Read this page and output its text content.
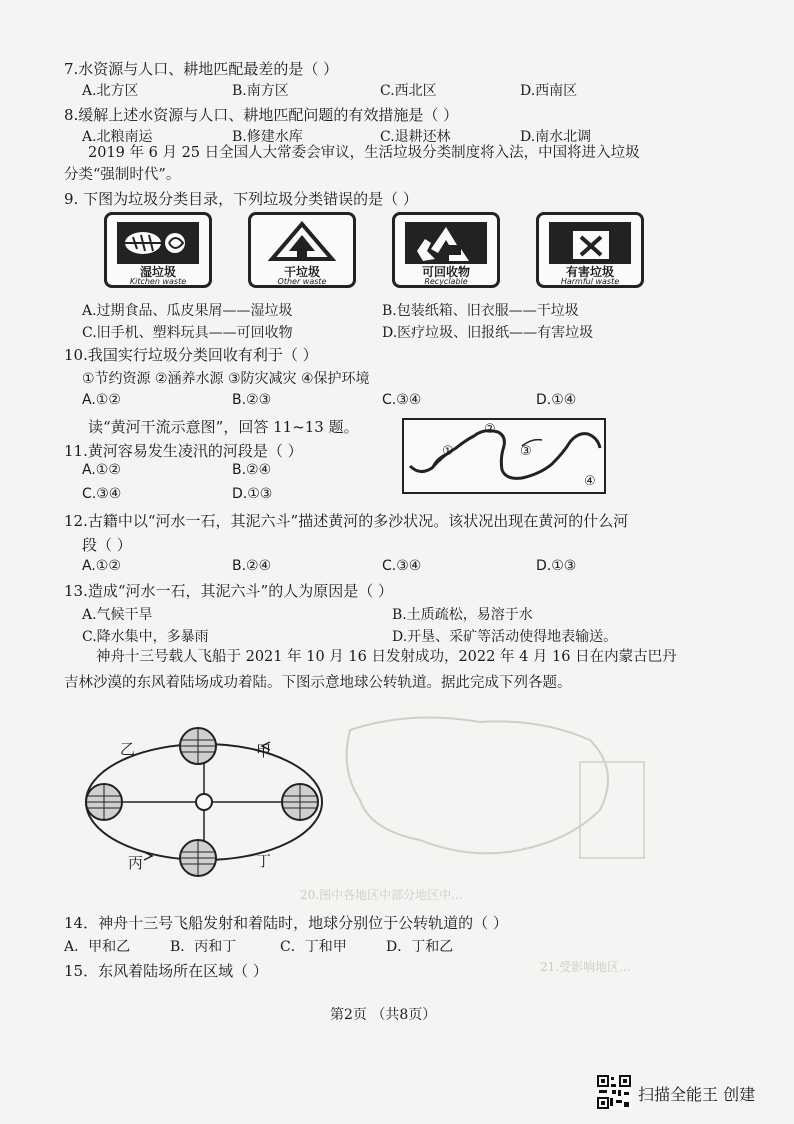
7.水资源与人口、耕地匹配最差的是（ ）
A.北方区	B.南方区	C.西北区	D.西南区
8.缓解上述水资源与人口、耕地匹配问题的有效措施是（ ）
A.北粮南运	B.修建水库	C.退耕还林	D.南水北调
2019 年 6 月 25 日全国人大常委会审议，生活垃圾分类制度将入法，中国将进入垃圾
分类“强制时代”。
9. 下图为垃圾分类目录，下列垃圾分类错误的是（ ）
湿垃圾
Kitchen waste
干垃圾
Other waste
可回收物
Recyclable
有害垃圾
Harmful waste
A.过期食品、瓜皮果屑——湿垃圾	B.包装纸箱、旧衣服——干垃圾
C.旧手机、塑料玩具——可回收物	D.医疗垃圾、旧报纸——有害垃圾
10.我国实行垃圾分类回收有利于（ ）
①节约资源 ②涵养水源 ③防灾减灾 ④保护环境
A.①②	B.②③	C.③④	D.①④
读“黄河干流示意图”，回答 11~13 题。
①
②
③
④
11.黄河容易发生凌汛的河段是（ ）
A.①②	B.②④
C.③④	D.①③
12.古籍中以“河水一石，其泥六斗”描述黄河的多沙状况。该状况出现在黄河的什么河
段（ ）
A.①②	B.②④	C.③④	D.①③
13.造成“河水一石，其泥六斗”的人为原因是（ ）
A.气候干旱	B.土质疏松，易溶于水
C.降水集中，多暴雨	D.开垦、采矿等活动使得地表输送。
神舟十三号载人飞船于 2021 年 10 月 16 日发射成功，2022 年 4 月 16 日在内蒙古巴丹
吉林沙漠的东风着陆场成功着陆。下图示意地球公转轨道。据此完成下列各题。
乙	甲
丙	丁
20.图中各地区中部分地区中...
21.受影响地区...
14．神舟十三号飞船发射和着陆时，地球分别位于公转轨道的（ ）
A．甲和乙	B．丙和丁	C．丁和甲	D．丁和乙
15．东风着陆场所在区域（ ）
第2页 （共8页）
扫描全能王 创建
